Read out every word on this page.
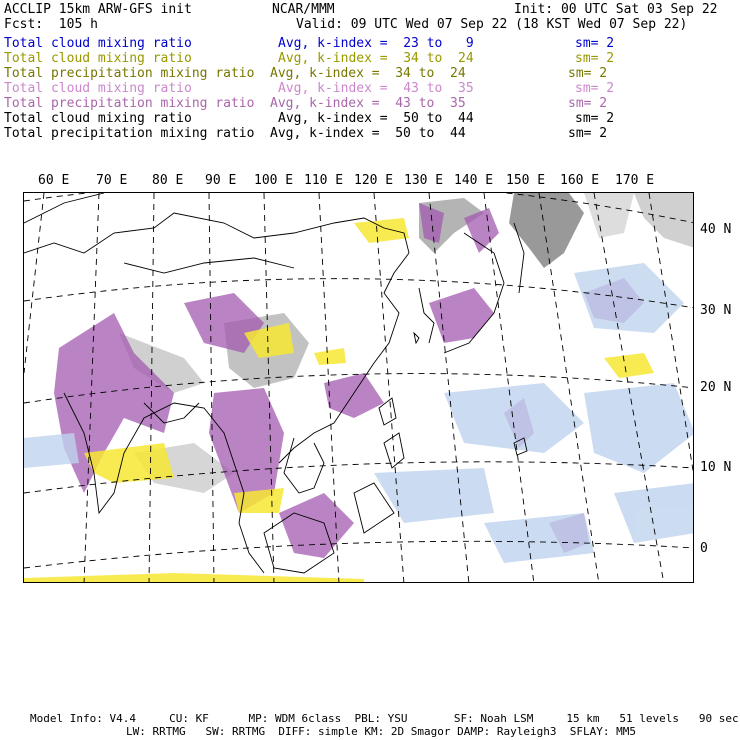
ACCLIP 15km ARW-GFS init	NCAR/MMM	Init: 00 UTC Sat 03 Sep 22
Fcst:  105 h	Valid: 09 UTC Wed 07 Sep 22 (18 KST Wed 07 Sep 22)
Total cloud mixing ratio	Avg, k-index =  23 to   9	sm= 2
Total cloud mixing ratio	Avg, k-index =  34 to  24	sm= 2
Total precipitation mixing ratio Avg, k-index =  34 to  24	sm= 2
Total cloud mixing ratio	Avg, k-index =  43 to  35	sm= 2
Total precipitation mixing ratio Avg, k-index =  43 to  35	sm= 2
Total cloud mixing ratio	Avg, k-index =  50 to  44	sm= 2
Total precipitation mixing ratio Avg, k-index =  50 to  44	sm= 2
60 E 70 E 80 E 90 E 100 E 110 E 120 E 130 E 140 E 150 E 160 E 170 E
40 N
30 N
20 N
10 N
0
Model Info: V4.4     CU: KF      MP: WDM 6class  PBL: YSU       SF: Noah LSM     15 km   51 levels   90 sec
LW: RRTMG   SW: RRTMG  DIFF: simple KM: 2D Smagor DAMP: Rayleigh3  SFLAY: MM5
